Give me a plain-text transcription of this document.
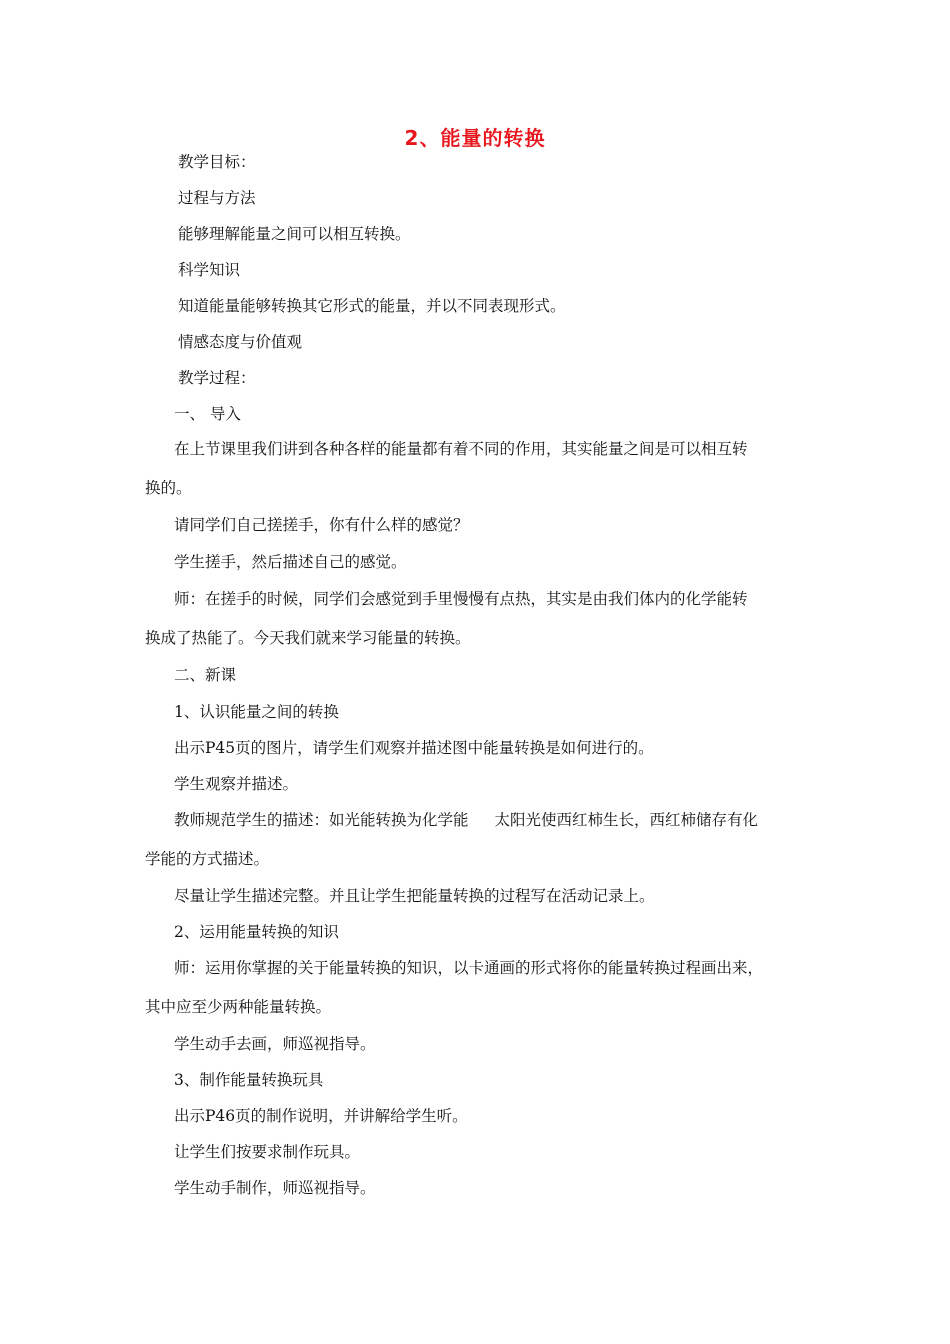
2、能量的转换
教学目标：
过程与方法
能够理解能量之间可以相互转换。
科学知识
知道能量能够转换其它形式的能量，并以不同表现形式。
情感态度与价值观
教学过程：
一、 导入
在上节课里我们讲到各种各样的能量都有着不同的作用，其实能量之间是可以相互转
换的。
请同学们自己搓搓手，你有什么样的感觉？
学生搓手，然后描述自己的感觉。
师：在搓手的时候，同学们会感觉到手里慢慢有点热，其实是由我们体内的化学能转
换成了热能了。今天我们就来学习能量的转换。
二、新课
1、认识能量之间的转换
出示P45页的图片，请学生们观察并描述图中能量转换是如何进行的。
学生观察并描述。
教师规范学生的描述：如光能转换为化学能 太阳光使西红柿生长，西红柿储存有化
学能的方式描述。
尽量让学生描述完整。并且让学生把能量转换的过程写在活动记录上。
2、运用能量转换的知识
师：运用你掌握的关于能量转换的知识，以卡通画的形式将你的能量转换过程画出来，
其中应至少两种能量转换。
学生动手去画，师巡视指导。
3、制作能量转换玩具
出示P46页的制作说明，并讲解给学生听。
让学生们按要求制作玩具。
学生动手制作，师巡视指导。
